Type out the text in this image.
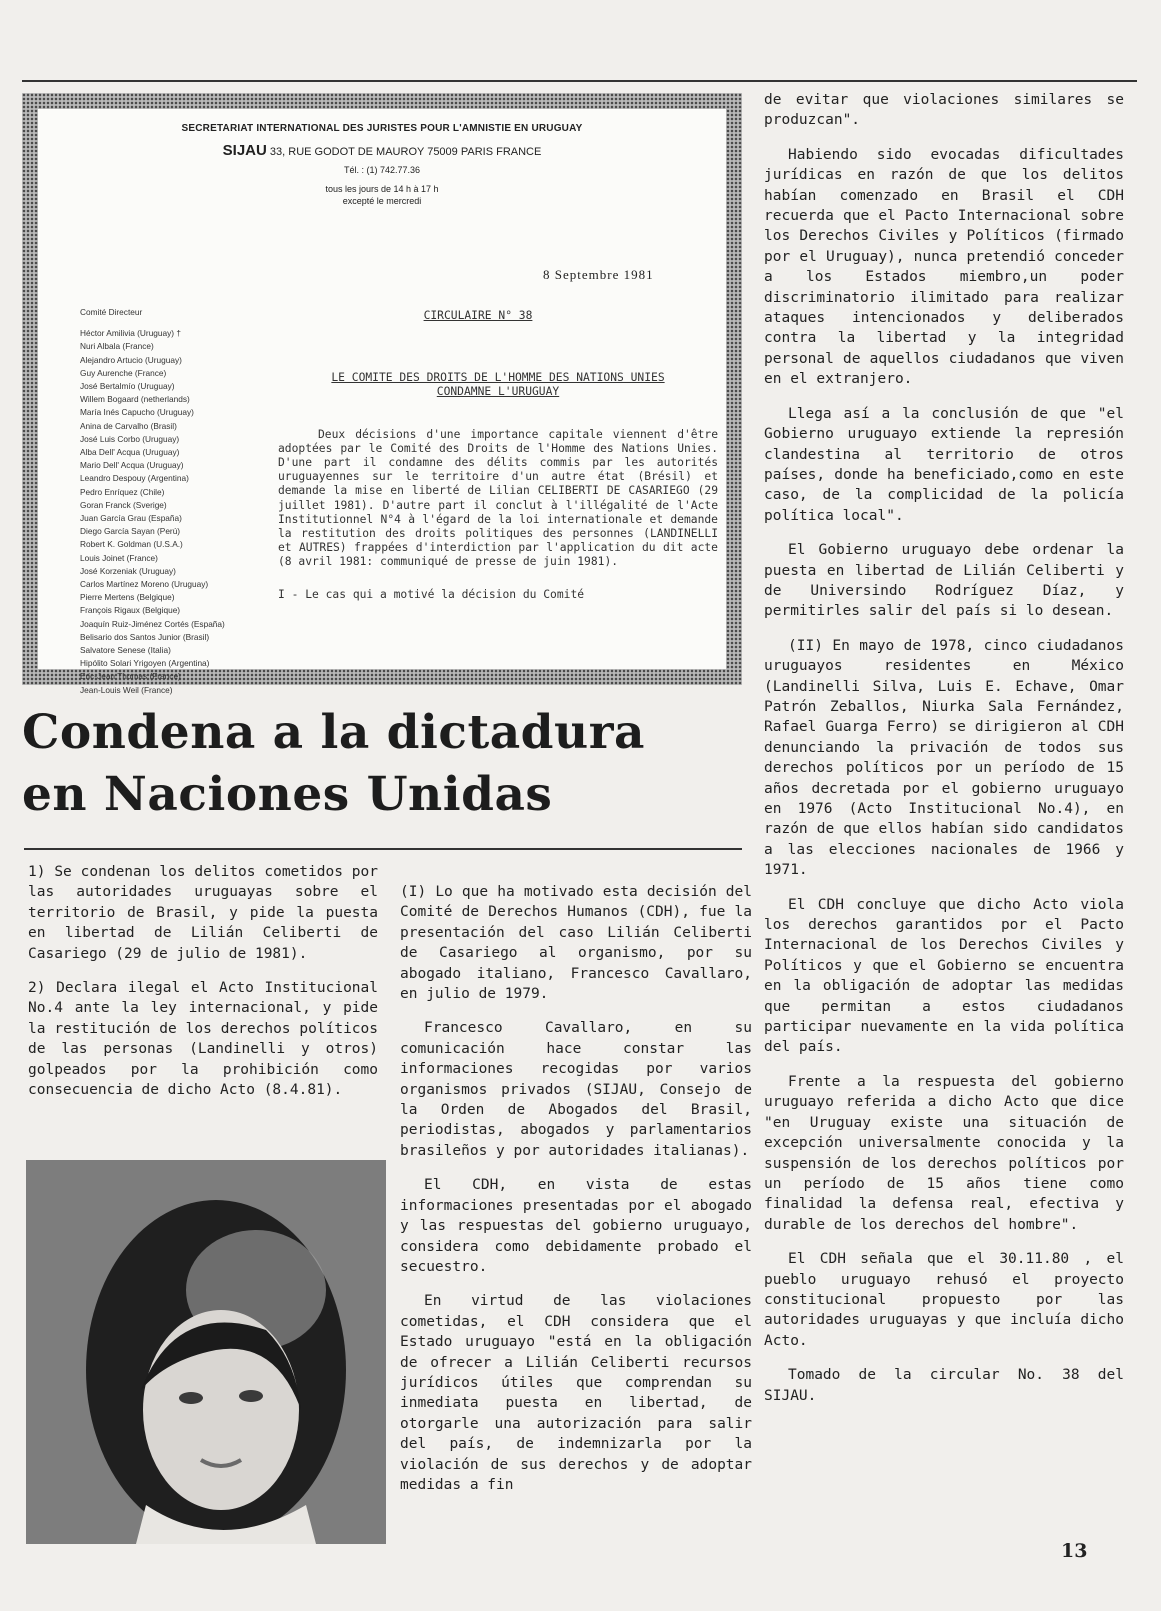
SECRETARIAT INTERNATIONAL DES JURISTES POUR L'AMNISTIE EN URUGUAY
SIJAU 33, RUE GODOT DE MAUROY 75009 PARIS FRANCE
Tél. : (1) 742.77.36
tous les jours de 14 h à 17 h
excepté le mercredi
8 Septembre 1981
Comité Directeur
Héctor Amilivia (Uruguay) †
Nuri Albala (France)
Alejandro Artucio (Uruguay)
Guy Aurenche (France)
José Bertalmío (Uruguay)
Willem Bogaard (netherlands)
María Inés Capucho (Uruguay)
Anina de Carvalho (Brasil)
José Luis Corbo (Uruguay)
Alba Dell' Acqua (Uruguay)
Mario Dell' Acqua (Uruguay)
Leandro Despouy (Argentina)
Pedro Enríquez (Chile)
Goran Franck (Sverige)
Juan García Grau (España)
Diego García Sayan (Perú)
Robert K. Goldman (U.S.A.)
Louis Joinet (France)
José Korzeniak (Uruguay)
Carlos Martínez Moreno (Uruguay)
Pierre Mertens (Belgique)
François Rigaux (Belgique)
Joaquín Ruiz-Jiménez Cortés (España)
Belisario dos Santos Junior (Brasil)
Salvatore Senese (Italia)
Hipólito Solari Yrigoyen (Argentina)
Eric-Jean Thomas (France)
Jean-Louis Weil (France)
CIRCULAIRE N° 38
LE COMITE DES DROITS DE L'HOMME DES NATIONS UNIES
CONDAMNE L'URUGUAY
Deux décisions d'une importance capitale viennent d'être adoptées par le Comité des Droits de l'Homme des Nations Unies. D'une part il condamne des délits commis par les autorités uruguayennes sur le territoire d'un autre état (Brésil) et demande la mise en liberté de Lilian CELIBERTI DE CASARIEGO (29 juillet 1981). D'autre part il conclut à l'illégalité de l'Acte Institutionnel N°4 à l'égard de la loi internationale et demande la restitution des droits politiques des personnes (LANDINELLI et AUTRES) frappées d'interdiction par l'application du dit acte (8 avril 1981: communiqué de presse de juin 1981).
I - Le cas qui a motivé la décision du Comité
Condena a la dictadura
en Naciones Unidas

1) Se condenan los delitos cometidos por las autoridades uruguayas sobre el territorio de Brasil, y pide la puesta en libertad de Lilián Celiberti de Casariego (29 de julio de 1981).

2) Declara ilegal el Acto Institucional No.4 ante la ley internacional, y pide la restitución de los derechos políticos de las personas (Landinelli y otros) golpeados por la prohibición como consecuencia de dicho Acto (8.4.81).

(I) Lo que ha motivado esta decisión del Comité de Derechos Humanos (CDH), fue la presentación del caso Lilián Celiberti de Casariego al organismo, por su abogado italiano, Francesco Cavallaro, en julio de 1979.

Francesco Cavallaro, en su comunicación hace constar las informaciones recogidas por varios organismos privados (SIJAU, Consejo de la Orden de Abogados del Brasil, periodistas, abogados y parlamentarios brasileños y por autoridades italianas).

El CDH, en vista de estas informaciones presentadas por el abogado y las respuestas del gobierno uruguayo, considera como debidamente probado el secuestro.

En virtud de las violaciones cometidas, el CDH considera que el Estado uruguayo "está en la obligación de ofrecer a Lilián Celiberti recursos jurídicos útiles que comprendan su inmediata puesta en libertad, de otorgarle una autorización para salir del país, de indemnizarla por la violación de sus derechos y de adoptar medidas a fin

de evitar que violaciones similares se produzcan".

Habiendo sido evocadas dificultades jurídicas en razón de que los delitos habían comenzado en Brasil el CDH recuerda que el Pacto Internacional sobre los Derechos Civiles y Políticos (firmado por el Uruguay), nunca pretendió conceder a los Estados miembro,un poder discriminatorio ilimitado para realizar ataques intencionados y deliberados contra la libertad y la integridad personal de aquellos ciudadanos que viven en el extranjero.

Llega así a la conclusión de que "el Gobierno uruguayo extiende la represión clandestina al territorio de otros países, donde ha beneficiado,como en este caso, de la complicidad de la policía política local".

El Gobierno uruguayo debe ordenar la puesta en libertad de Lilián Celiberti y de Universindo Rodríguez Díaz, y permitirles salir del país si lo desean.

(II) En mayo de 1978, cinco ciudadanos uruguayos residentes en México (Landinelli Silva, Luis E. Echave, Omar Patrón Zeballos, Niurka Sala Fernández, Rafael Guarga Ferro) se dirigieron al CDH denunciando la privación de todos sus derechos políticos por un período de 15 años decretada por el gobierno uruguayo en 1976 (Acto Institucional No.4), en razón de que ellos habían sido candidatos a las elecciones nacionales de 1966 y 1971.

El CDH concluye que dicho Acto viola los derechos garantidos por el Pacto Internacional de los Derechos Civiles y Políticos y que el Gobierno se encuentra en la obligación de adoptar las medidas que permitan a estos ciudadanos participar nuevamente en la vida política del país.

Frente a la respuesta del gobierno uruguayo referida a dicho Acto que dice "en Uruguay existe una situación de excepción universalmente conocida y la suspensión de los derechos políticos por un período de 15 años tiene como finalidad la defensa real, efectiva y durable de los derechos del hombre".

El CDH señala que el 30.11.80 , el pueblo uruguayo rehusó el proyecto constitucional propuesto por las autoridades uruguayas y que incluía dicho Acto.

Tomado de la circular No. 38 del SIJAU.

13
